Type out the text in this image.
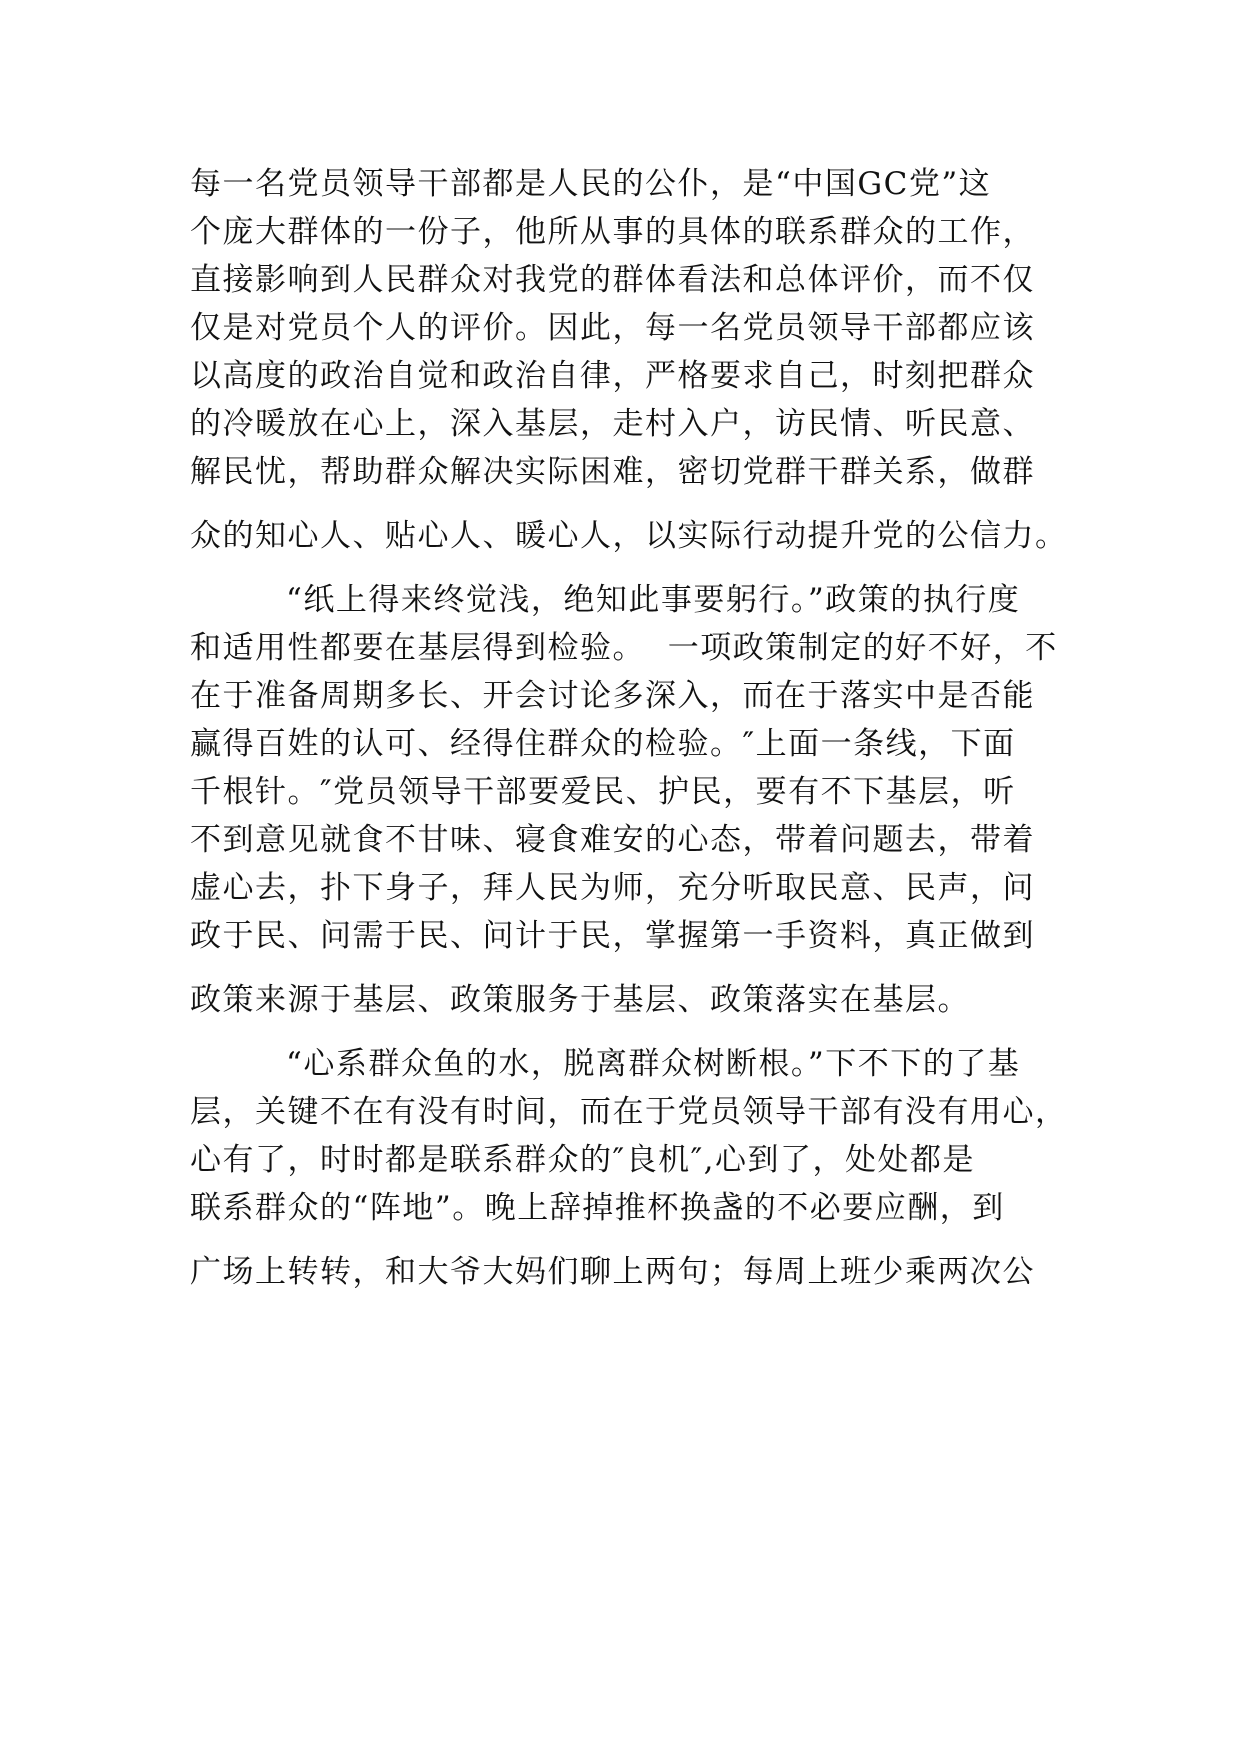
每一名党员领导干部都是人民的公仆，是“中国GC党”这
个庞大群体的一份子，他所从事的具体的联系群众的工作，
直接影响到人民群众对我党的群体看法和总体评价，而不仅
仅是对党员个人的评价。因此，每一名党员领导干部都应该
以高度的政治自觉和政治自律，严格要求自己，时刻把群众
的冷暖放在心上，深入基层，走村入户，访民情、听民意、
解民忧，帮助群众解决实际困难，密切党群干群关系，做群
众的知心人、贴心人、暖心人，以实际行动提升党的公信力。
“纸上得来终觉浅，绝知此事要躬行。”政策的执行度
和适用性都要在基层得到检验。  一项政策制定的好不好，不
在于准备周期多长、开会讨论多深入，而在于落实中是否能
赢得百姓的认可、经得住群众的检验。″上面一条线，下面
千根针。″党员领导干部要爱民、护民，要有不下基层，听
不到意见就食不甘味、寝食难安的心态，带着问题去，带着
虚心去，扑下身子，拜人民为师，充分听取民意、民声，问
政于民、问需于民、问计于民，掌握第一手资料，真正做到
政策来源于基层、政策服务于基层、政策落实在基层。
“心系群众鱼的水，脱离群众树断根。”下不下的了基
层，关键不在有没有时间，而在于党员领导干部有没有用心，
心有了，时时都是联系群众的″良机″,心到了，处处都是
联系群众的“阵地”。晚上辞掉推杯换盏的不必要应酬，到
广场上转转，和大爷大妈们聊上两句；每周上班少乘两次公
